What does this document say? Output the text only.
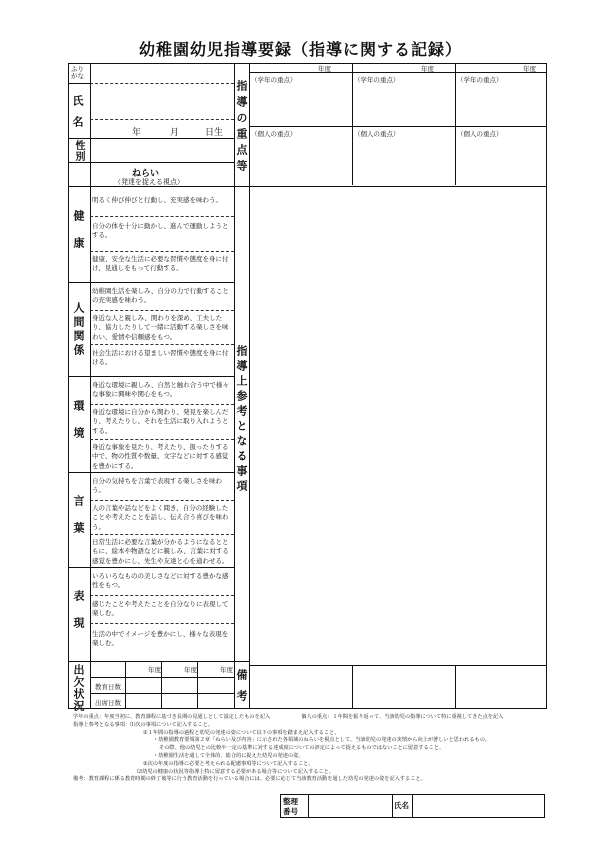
幼稚園幼児指導要録（指導に関する記録）
年度	年度	年度
（学年の重点）	（学年の重点）	（学年の重点）
（個人の重点）	（個人の重点）	（個人の重点）
ふりがな
氏名	年	月	日生
性別
ねらい
（発達を捉える視点）
指導の重点等
指導上参考となる事項
備考
健康
明るく伸び伸びと行動し、充実感を味わう。
自分の体を十分に動かし、進んで運動しようとする。
健康、安全な生活に必要な習慣や態度を身に付け、見通しをもって行動する。
人間関係
幼稚園生活を楽しみ、自分の力で行動することの充実感を味わう。
身近な人と親しみ、関わりを深め、工夫したり、協力したりして一緒に活動する楽しさを味わい、愛情や信頼感をもつ。
社会生活における望ましい習慣や態度を身に付ける。
環境
身近な環境に親しみ、自然と触れ合う中で様々な事象に興味や関心をもつ。
身近な環境に自分から関わり、発見を楽しんだり、考えたりし、それを生活に取り入れようとする。
身近な事象を見たり、考えたり、扱ったりする中で、物の性質や数量、文字などに対する感覚を豊かにする。
言葉
自分の気持ちを言葉で表現する楽しさを味わう。
人の言葉や話などをよく聞き、自分の経験したことや考えたことを話し、伝え合う喜びを味わう。
日常生活に必要な言葉が分かるようになるとともに、絵本や物語などに親しみ、言葉に対する感覚を豊かにし、先生や友達と心を通わせる。
表現
いろいろなものの美しさなどに対する豊かな感性をもつ。
感じたことや考えたことを自分なりに表現して楽しむ。
生活の中でイメージを豊かにし、様々な表現を楽しむ。
出欠状況	年度	年度	年度
教育日数
出席日数
学年の重点：年度当初に、教育課程に基づき長期の見通しとして設定したものを記入　　　　　　個人の重点：１年間を振り返って、当該幼児の指導について特に重視してきた点を記入
指導上参考となる事項：⑴次の事項について記入すること。
①１年間の指導の過程と幼児の発達の姿について以下の事項を踏まえ記入すること。
・幼稚園教育要領第２章「ねらい及び内容」に示された各領域のねらいを視点として、当該幼児の発達の実情から向上が著しいと思われるもの。
その際、他の幼児との比較や一定の基準に対する達成度についての評定によって捉えるものではないことに留意すること。
・幼稚園生活を通して全体的、総合的に捉えた幼児の発達の姿。
②次の年度の指導に必要と考えられる配慮事項等について記入すること。
⑵幼児の健康の状況等指導上特に留意する必要がある場合等について記入すること。
備考：教育課程に係る教育時間の終了後等に行う教育活動を行っている場合には、必要に応じて当該教育活動を通した幼児の発達の姿を記入すること。
整理
番号
氏名
